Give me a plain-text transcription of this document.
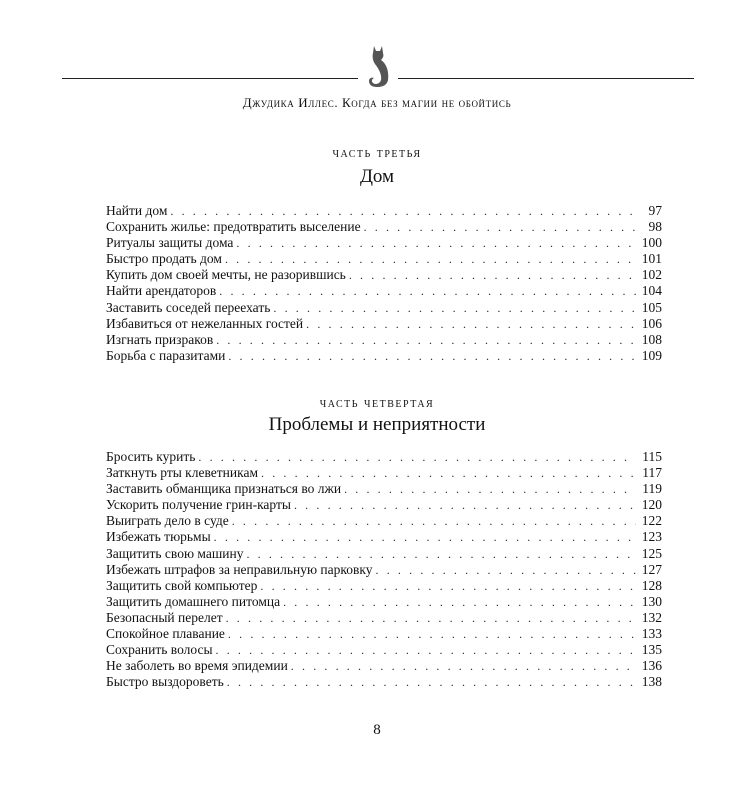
Джудика Иллес. Когда без магии не обойтись
часть третья
Дом
Найти дом . . .	97
Сохранить жилье: предотвратить выселение . . .	98
Ритуалы защиты дома . . .	100
Быстро продать дом . . .	101
Купить дом своей мечты, не разорившись . . .	102
Найти арендаторов . . .	104
Заставить соседей переехать . . .	105
Избавиться от нежеланных гостей . . .	106
Изгнать призраков . . .	108
Борьба с паразитами . . .	109
часть четвертая
Проблемы и неприятности
Бросить курить . . .	115
Заткнуть рты клеветникам . . .	117
Заставить обманщика признаться во лжи . . .	119
Ускорить получение грин-карты . . .	120
Выиграть дело в суде . . .	122
Избежать тюрьмы . . .	123
Защитить свою машину . . .	125
Избежать штрафов за неправильную парковку . . .	127
Защитить свой компьютер . . .	128
Защитить домашнего питомца . . .	130
Безопасный перелет . . .	132
Спокойное плавание . . .	133
Сохранить волосы . . .	135
Не заболеть во время эпидемии . . .	136
Быстро выздороветь . . .	138
8
